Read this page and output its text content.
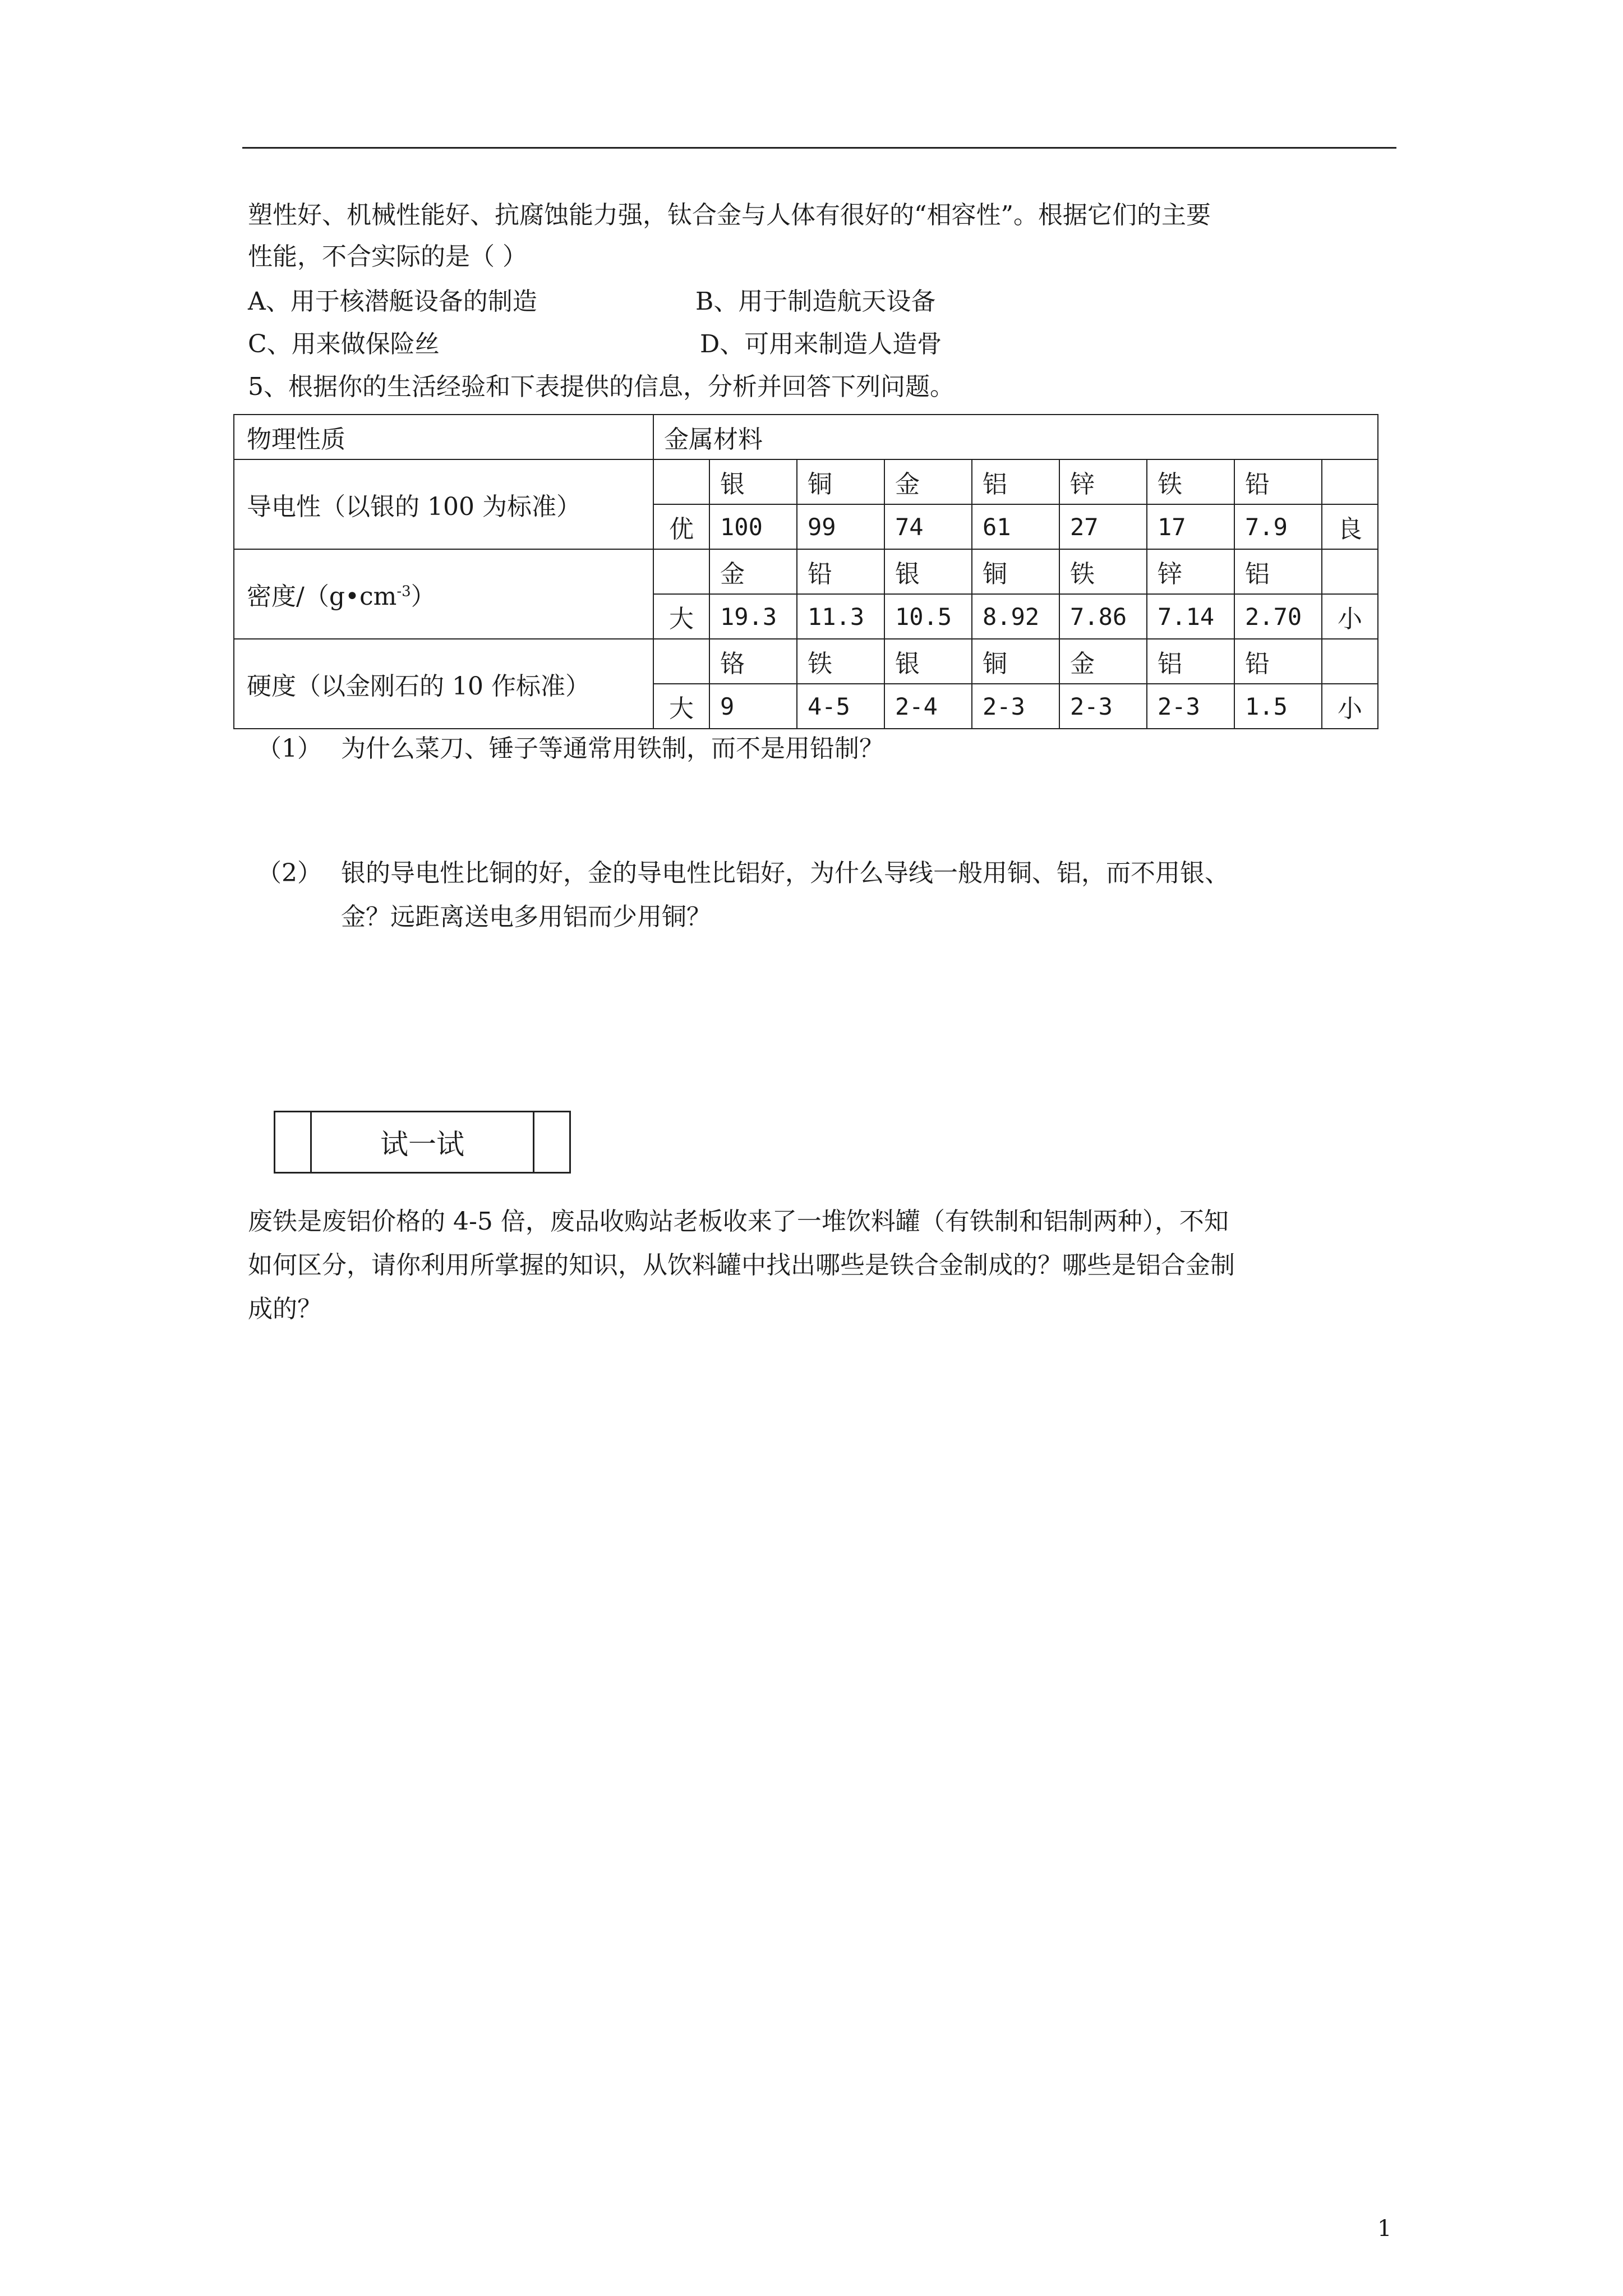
塑性好、机械性能好、抗腐蚀能力强，钛合金与人体有很好的“相容性”。根据它们的主要
性能，不合实际的是（ ）
A、用于核潜艇设备的制造	B、用于制造航天设备
C、用来做保险丝	D、可用来制造人造骨
5、根据你的生活经验和下表提供的信息，分析并回答下列问题。
物理性质	金属材料								
导电性（以银的 100 为标准）		银	铜	金	铝	锌	铁	铅	
	优	100	99	74	61	27	17	7.9	良
密度$/(g•cm^{-3})$		金	铅	银	铜	铁	锌	铝	
	大	19.3	11.3	10.5	8.92	7.86	7.14	2.70	小
硬度（以金刚石的 10 作标准）		铬	铁	银	铜	金	铝	铅	
	大	9	4-5	2-4	2-3	2-3	2-3	1.5	小
（1） 为什么菜刀、锤子等通常用铁制，而不是用铅制？
（2） 银的导电性比铜的好，金的导电性比铝好，为什么导线一般用铜、铝，而不用银、
金？远距离送电多用铝而少用铜？
试一试
废铁是废铝价格的 4-5 倍，废品收购站老板收来了一堆饮料罐（有铁制和铝制两种），不知
如何区分，请你利用所掌握的知识，从饮料罐中找出哪些是铁合金制成的？哪些是铝合金制
成的？
1
